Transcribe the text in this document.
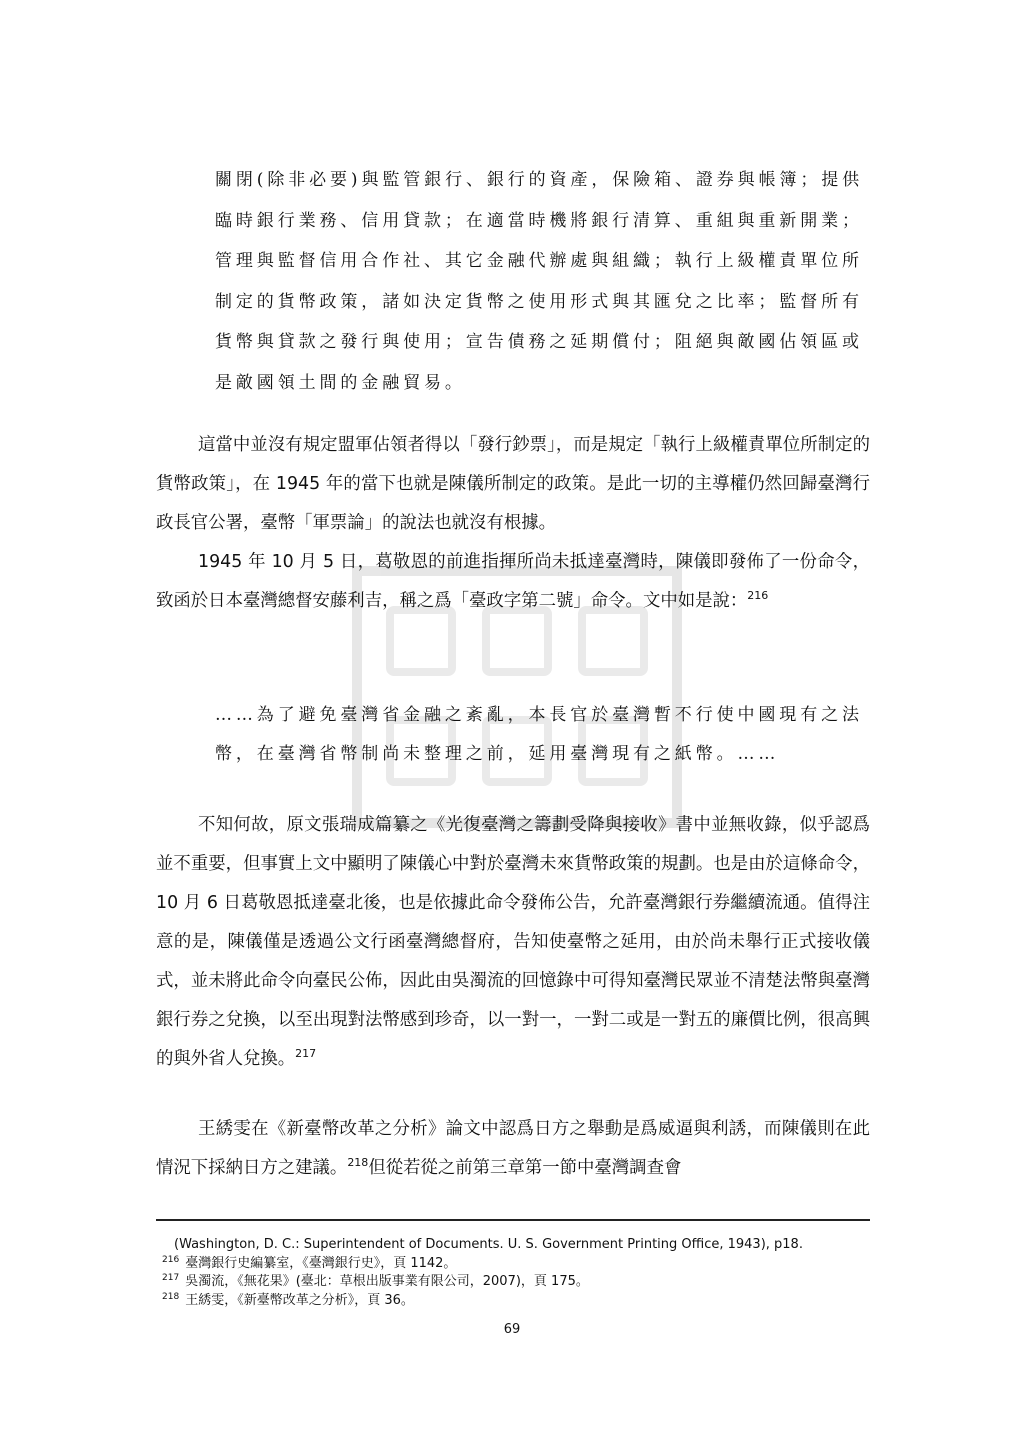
關閉(除非必要)與監管銀行、銀行的資產，保險箱、證券與帳簿；提供臨時銀行業務、信用貸款；在適當時機將銀行清算、重組與重新開業；管理與監督信用合作社、其它金融代辦處與組織；執行上級權責單位所制定的貨幣政策，諸如決定貨幣之使用形式與其匯兌之比率；監督所有貨幣與貸款之發行與使用；宣告債務之延期償付；阻絕與敵國佔領區或是敵國領土間的金融貿易。

這當中並沒有規定盟軍佔領者得以「發行鈔票」，而是規定「執行上級權責單位所制定的貨幣政策」，在 1945 年的當下也就是陳儀所制定的政策。是此一切的主導權仍然回歸臺灣行政長官公署，臺幣「軍票論」的說法也就沒有根據。

1945 年 10 月 5 日，葛敬恩的前進指揮所尚未抵達臺灣時，陳儀即發佈了一份命令，致函於日本臺灣總督安藤利吉，稱之爲「臺政字第二號」命令。文中如是說：$^{216}$

……為了避免臺灣省金融之紊亂，本長官於臺灣暫不行使中國現有之法幣，在臺灣省幣制尚未整理之前，延用臺灣現有之紙幣。……

不知何故，原文張瑞成篇纂之《光復臺灣之籌劃受降與接收》書中並無收錄，似乎認爲並不重要，但事實上文中顯明了陳儀心中對於臺灣未來貨幣政策的規劃。也是由於這條命令，10 月 6 日葛敬恩抵達臺北後，也是依據此命令發佈公告，允許臺灣銀行券繼續流通。值得注意的是，陳儀僅是透過公文行函臺灣總督府，告知使臺幣之延用，由於尚未舉行正式接收儀式，並未將此命令向臺民公佈，因此由吳濁流的回憶錄中可得知臺灣民眾並不清楚法幣與臺灣銀行券之兌換，以至出現對法幣感到珍奇，以一對一，一對二或是一對五的廉價比例，很高興的與外省人兌換。$^{217}$

王綉雯在《新臺幣改革之分析》論文中認爲日方之舉動是爲威逼與利誘，而陳儀則在此情況下採納日方之建議。$^{218}$但從若從之前第三章第一節中臺灣調查會

(Washington, D. C.: Superintendent of Documents. U. S. Government Printing Office, 1943), p18.
$^{216}$ 臺灣銀行史編纂室，《臺灣銀行史》，頁 1142。
$^{217}$ 吳濁流，《無花果》(臺北：草根出版事業有限公司，2007)，頁 175。
$^{218}$ 王綉雯，《新臺幣改革之分析》，頁 36。
69
